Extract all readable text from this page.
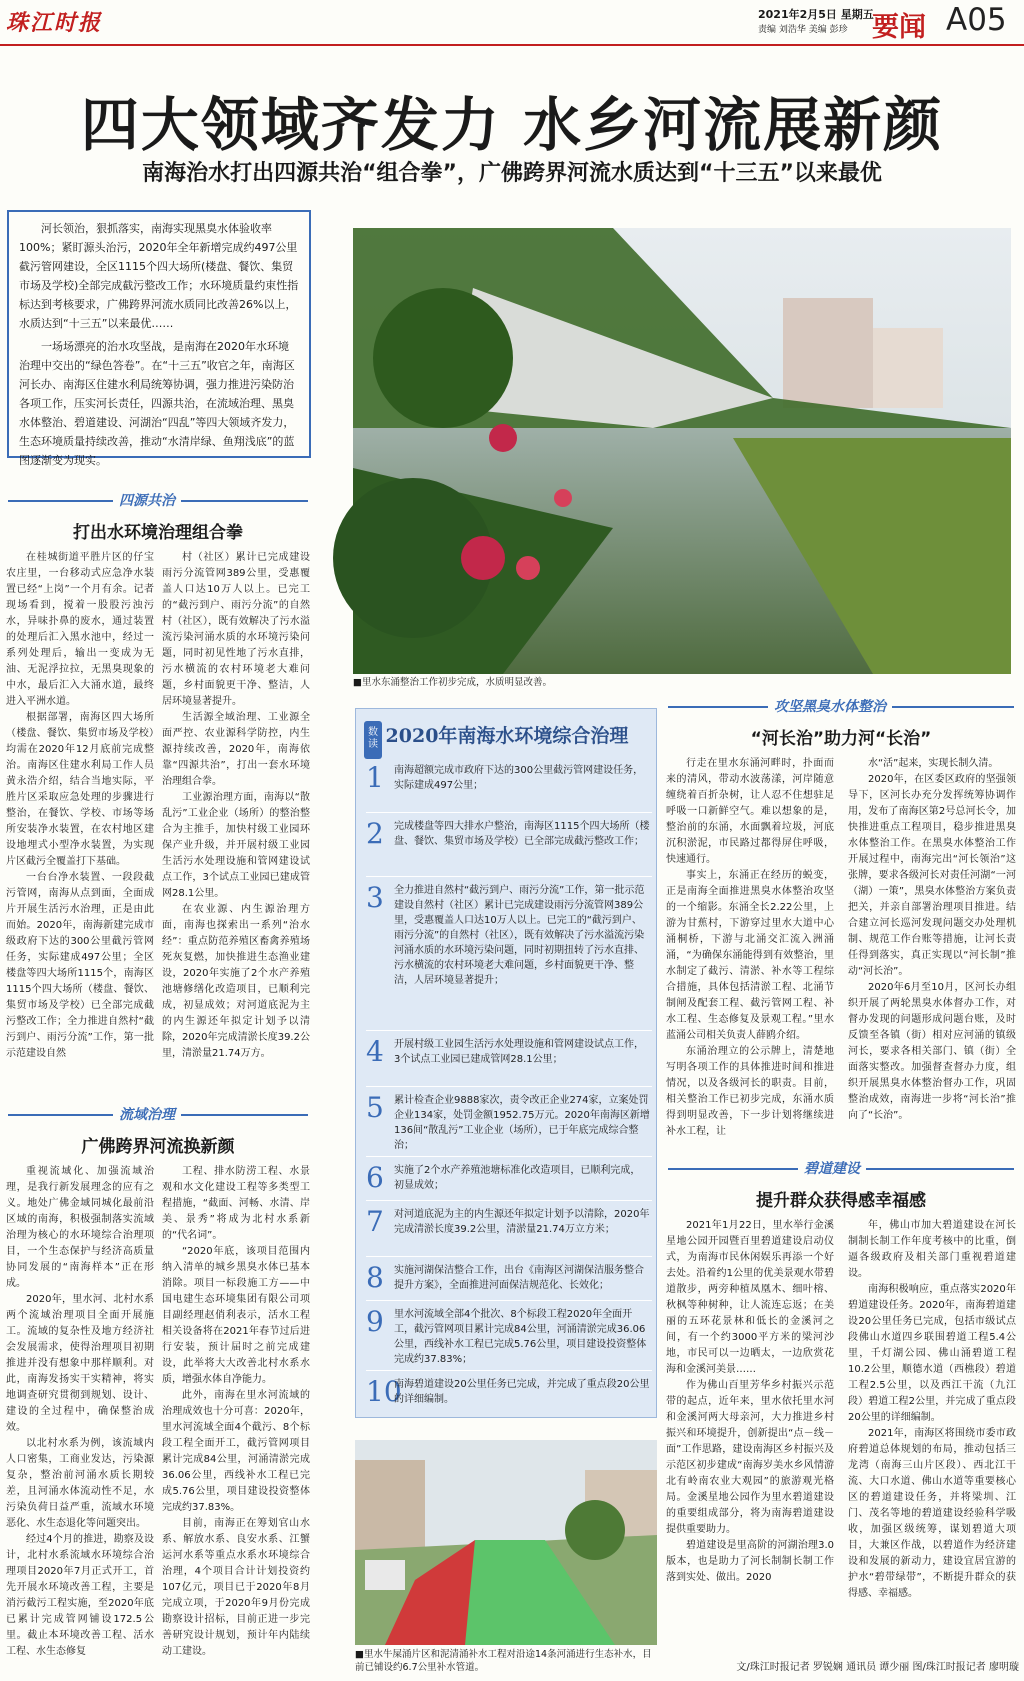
珠江时报	2021年2月5日 星期五
责编 刘浩华 美编 彭珍 要闻 A05
四大领域齐发力 水乡河流展新颜
南海治水打出四源共治“组合拳”，广佛跨界河流水质达到“十三五”以来最优

河长领治，狠抓落实，南海实现黑臭水体验收率100%；紧盯源头治污，2020年全年新增完成约497公里截污管网建设，全区1115个四大场所(楼盘、餐饮、集贸市场及学校)全部完成截污整改工作；水环境质量约束性指标达到考核要求，广佛跨界河流水质同比改善26%以上，水质达到“十三五”以来最优……

一场场漂亮的治水攻坚战，是南海在2020年水环境治理中交出的“绿色答卷”。在“十三五”收官之年，南海区河长办、南海区住建水利局统筹协调，强力推进污染防治各项工作，压实河长责任，四源共治，在流域治理、黑臭水体整治、碧道建设、河湖治“四乱”等四大领域齐发力，生态环境质量持续改善，推动“水清岸绿、鱼翔浅底”的蓝图逐渐变为现实。

四源共治
打出水环境治理组合拳

在桂城街道平胜片区的仔宝农庄里，一台移动式应急净水装置已经“上岗”一个月有余。记者现场看到，搅着一股股污浊污水，异味扑鼻的废水，通过装置的处理后汇入黑水池中，经过一系列处理后，输出一变成为无油、无泥浮拉拉，无黑臭现象的中水，最后汇入大涌水道，最终进入平洲水道。

根据部署，南海区四大场所（楼盘、餐饮、集贸市场及学校）均需在2020年12月底前完成整治。南海区住建水利局工作人员黄永浩介绍，结合当地实际，平胜片区采取应急处理的步骤进行整治，在餐饮、学校、市场等场所安装净水装置，在农村地区建设地埋式小型净水装置，为实现片区截污全覆盖打下基础。

一台台净水装置、一段段截污管网，南海从点到面，全面成片开展生活污水治理，正是由此而始。2020年，南海新建完成市级政府下达的300公里截污管网任务，实际建成497公里；全区楼盘等四大场所1115个，南海区1115个四大场所（楼盘、餐饮、集贸市场及学校）已全部完成截污整改工作；全力推进自然村“截污到户、雨污分流”工作，第一批示范建设自然

村（社区）累计已完成建设雨污分流管网389公里，受惠覆盖人口达10万人以上。已完工的“截污到户、雨污分流”的自然村（社区），既有效解决了污水溢流污染河涌水质的水环境污染问题，同时初见性地了污水直排，污水横流的农村环境老大难问题，乡村面貌更干净、整洁，人居环境显著提升。

生活源全域治理、工业源全面严控、农业源科学防控，内生源持续改善，2020年，南海依靠“四源共治”，打出一套水环境治理组合拳。

工业源治理方面，南海以“散乱污”工业企业（场所）的整治整合为主推手，加快村级工业园环保产业升级，并开展村级工业园生活污水处理设施和管网建设试点工作，3个试点工业园已建成管网28.1公里。

在农业源、内生源治理方面，南海也探索出一系列“治水经”：重点防范养殖区畜禽养殖场死灰复燃，加快推进生态渔业建设，2020年实施了2个水产养殖池塘修缮化改造项目，已顺利完成，初显成效；对河道底泥为主的内生源还年拟定计划予以清除，2020年完成清淤长度39.2公里，清淤量21.74万方。

流域治理
广佛跨界河流换新颜

重视流域化、加强流域治理，是我行新发展理念的应有之义。地处广佛金域同城化最前沿区域的南海，积极强制落实流域治理为核心的水环境综合治理项目，一个生态保护与经济高质量协同发展的“南海样本”正在形成。

2020年，里水河、北村水系两个流域治理项目全面开展施工。流域的复杂性及地方经济社会发展需求，使得治理项目初期推进并没有想象中那样顺利。对此，南海发扬实干实精神，将实地调查研究贯彻到规划、设计、建设的全过程中，确保整治成效。

以北村水系为例，该流域内人口密集，工商业发达，污染源复杂，整治前河涌水质长期较差，且河涌水体流动性不足，水污染负荷日益严重，流域水环境恶化、水生态退化等问题突出。

经过4个月的推进，勘察及设计，北村水系流域水环境综合治理项目2020年7月正式开工，首先开展水环境改善工程，主要是消污截污工程实施，至2020年底已累计完成管网铺设172.5公里。截止本环境改善工程、活水工程、水生态修复

工程、排水防涝工程、水景观和水文化建设工程等多类型工程措施，“截面、河畅、水清、岸美、景秀”将成为北村水系新的“代名词”。

“2020年底，该项目范围内纳入清单的城乡黑臭水体已基本消除。项目一标段施工方——中国电建生态环境集团有限公司项目副经理赵俏利表示，活水工程相关设备将在2021年春节过后进行安装，预计届时之前完成建设，此举将大大改善北村水系水质，增强水体自净能力。

此外，南海在里水河流域的治理成效也十分可喜：2020年，里水河流域全面4个截污、8个标段工程全面开工，截污管网项目累计完成84公里，河涌清淤完成36.06公里，西线补水工程已完成5.76公里，项目建设投资整体完成约37.83%。

目前，南海正在筹划官山水系、解放水系、良安水系、江蟹运河水系等重点水系水环境综合治理，4个项目合计计划投资约107亿元，项目已于2020年8月完成立项，于2020年9月份完成勘察设计招标，目前正进一步完善研究设计规划，预计年内陆续动工建设。

■里水东涌整治工作初步完成，水质明显改善。
数读 2020年南海水环境综合治理
1 南海超额完成市政府下达的300公里截污管网建设任务，实际建成497公里；
2 完成楼盘等四大排水户整治，南海区1115个四大场所（楼盘、餐饮、集贸市场及学校）已全部完成截污整改工作；
3 全力推进自然村“截污到户、雨污分流”工作，第一批示范建设自然村（社区）累计已完成建设雨污分流管网389公里，受惠覆盖人口达10万人以上。已完工的“截污到户、雨污分流”的自然村（社区），既有效解决了污水溢流污染河涌水质的水环境污染问题，同时初期扭转了污水直排、污水横流的农村环境老大难问题，乡村面貌更干净、整洁，人居环境显著提升；
4 开展村级工业园生活污水处理设施和管网建设试点工作，3个试点工业园已建成管网28.1公里；
5 累计检查企业9888家次，责令改正企业274家，立案处罚企业134家，处罚金额1952.75万元。2020年南海区新增136间“散乱污”工业企业（场所），已于年底完成综合整治；
6 实施了2个水产养殖池塘标准化改造项目，已顺利完成，初显成效；
7 对河道底泥为主的内生源还年拟定计划予以清除，2020年完成清淤长度39.2公里，清淤量21.74万立方米；
8 实施河湖保洁整合工作，出台《南海区河湖保洁服务整合提升方案》，全面推进河面保洁规范化、长效化；
9 里水河流域全部4个批次、8个标段工程2020年全面开工，截污管网项目累计完成84公里，河涌清淤完成36.06公里，西线补水工程已完成5.76公里，项目建设投资整体完成约37.83%；
10
南海碧道建设20公里任务已完成，并完成了重点段20公里的详细编制。
■里水牛屎涌片区和泥清涌补水工程对沿途14条河涌进行生态补水，目前已铺设约6.7公里补水管道。
攻坚黑臭水体整治
“河长治”助力河“长治”

行走在里水东涌河畔时，扑面而来的清风，带动水波荡漾，河岸随意缠绕着百折杂树，让人忍不住想驻足呼吸一口新鲜空气。难以想象的是，整治前的东涌，水面飘着垃圾，河底沉积淤泥，市民路过都得屏住呼吸，快速通行。

事实上，东涌正在经历的蜕变，正是南海全面推进黑臭水体整治攻坚的一个缩影。东涌全长2.22公里，上游为甘蕉村，下游穿过里水大道中心涌桐桥，下游与北涌交汇流入洲涌涌，“为确保东涌能得到有效整治，里水制定了截污、清淤、补水等工程综合措施，具体包括清淤工程、北涌节制闸及配套工程、截污管网工程、补水工程、生态修复及景观工程。”里水蓝涌公司相关负责人薛鸥介绍。

东涌治理立的公示牌上，清楚地写明各项工作的具体推进时间和推进情况，以及各级河长的职责。目前，相关整治工作已初步完成，东涌水质得到明显改善，下一步计划将继续进补水工程，让

水“活”起来，实现长制久清。

2020年，在区委区政府的坚强领导下，区河长办充分发挥统筹协调作用，发布了南海区第2号总河长令，加快推进重点工程项目，稳步推进黑臭水体整治工作。在黑臭水体整治工作开展过程中，南海完出“河长领治”这张牌，要求各级河长对责任河湖“一河（湖）一策”，黑臭水体整治方案负责把关，并亲自部署治理项目推进。结合建立河长巡河发现问题交办处理机制、规范工作台账等措施，让河长责任得到落实，真正实现以“河长制”推动“河长治”。

2020年6月至10月，区河长办组织开展了两轮黑臭水体督办工作，对督办发现的问题形成问题台账，及时反馈至各镇（街）相对应河涌的镇级河长，要求各相关部门、镇（街）全面落实整改。加强督查督办力度，组织开展黑臭水体整治督办工作，巩固整治成效，南海进一步将“河长治”推向了“长治”。

碧道建设
提升群众获得感幸福感

2021年1月22日，里水举行金溪星地公园开园暨百里碧道建设启动仪式，为南海市民休闲娱乐再添一个好去处。沿着约1公里的优美景观水带碧道散步，两旁种植凤凰木、细叶榕、秋枫等种树种，让人流连忘返；在美丽的五环花景林和低长的金溪河之间，有一个约3000平方米的梁河沙地，市民可以一边晒太，一边欣赏花海和金溪河美景……

作为佛山百里芳华乡村振兴示范带的起点，近年来，里水依托里水河和金溪河两大母亲河，大力推进乡村振兴和环境提升，创新提出“点－线－面”工作思路，建设南海区乡村振兴及示范区初步建成“南海岁美水乡风情游北有岭南农业大观园”的旅游观光格局。金溪星地公园作为里水碧道建设的重要组成部分，将为南海碧道建设提供重要助力。

碧道建设是里高阶的河湖治理3.0版本，也是助力了河长制制长制工作落到实处、做出。2020

年，佛山市加大碧道建设在河长制制长制工作年度考核中的比重，倒逼各级政府及相关部门重视碧道建设。

南海积极响应，重点落实2020年碧道建设任务。2020年，南海碧道建设20公里任务已完成，包括市级试点段佛山水道四乡联围碧道工程5.4公里，千灯湖公园、佛山涌碧道工程10.2公里，顺德水道（西樵段）碧道工程2.5公里，以及西江干流（九江段）碧道工程2公里，并完成了重点段20公里的详细编制。

2021年，南海区将围绕市委市政府碧道总体规划的布局，推动包括三龙湾（南海三山片区段）、西北江干流、大口水道、佛山水道等重要核心区的碧道建设任务，并将梁圳、江门、茂名等地的碧道建设经验科学吸收，加强区级统筹，谋划碧道大项目，大兼区作战，以碧道作为经济建设和发展的新动力，建设宜居宜游的护水“碧带绿带”，不断提升群众的获得感、幸福感。

文/珠江时报记者 罗锐娴 通讯员 谭少丽 图/珠江时报记者 廖明璇
